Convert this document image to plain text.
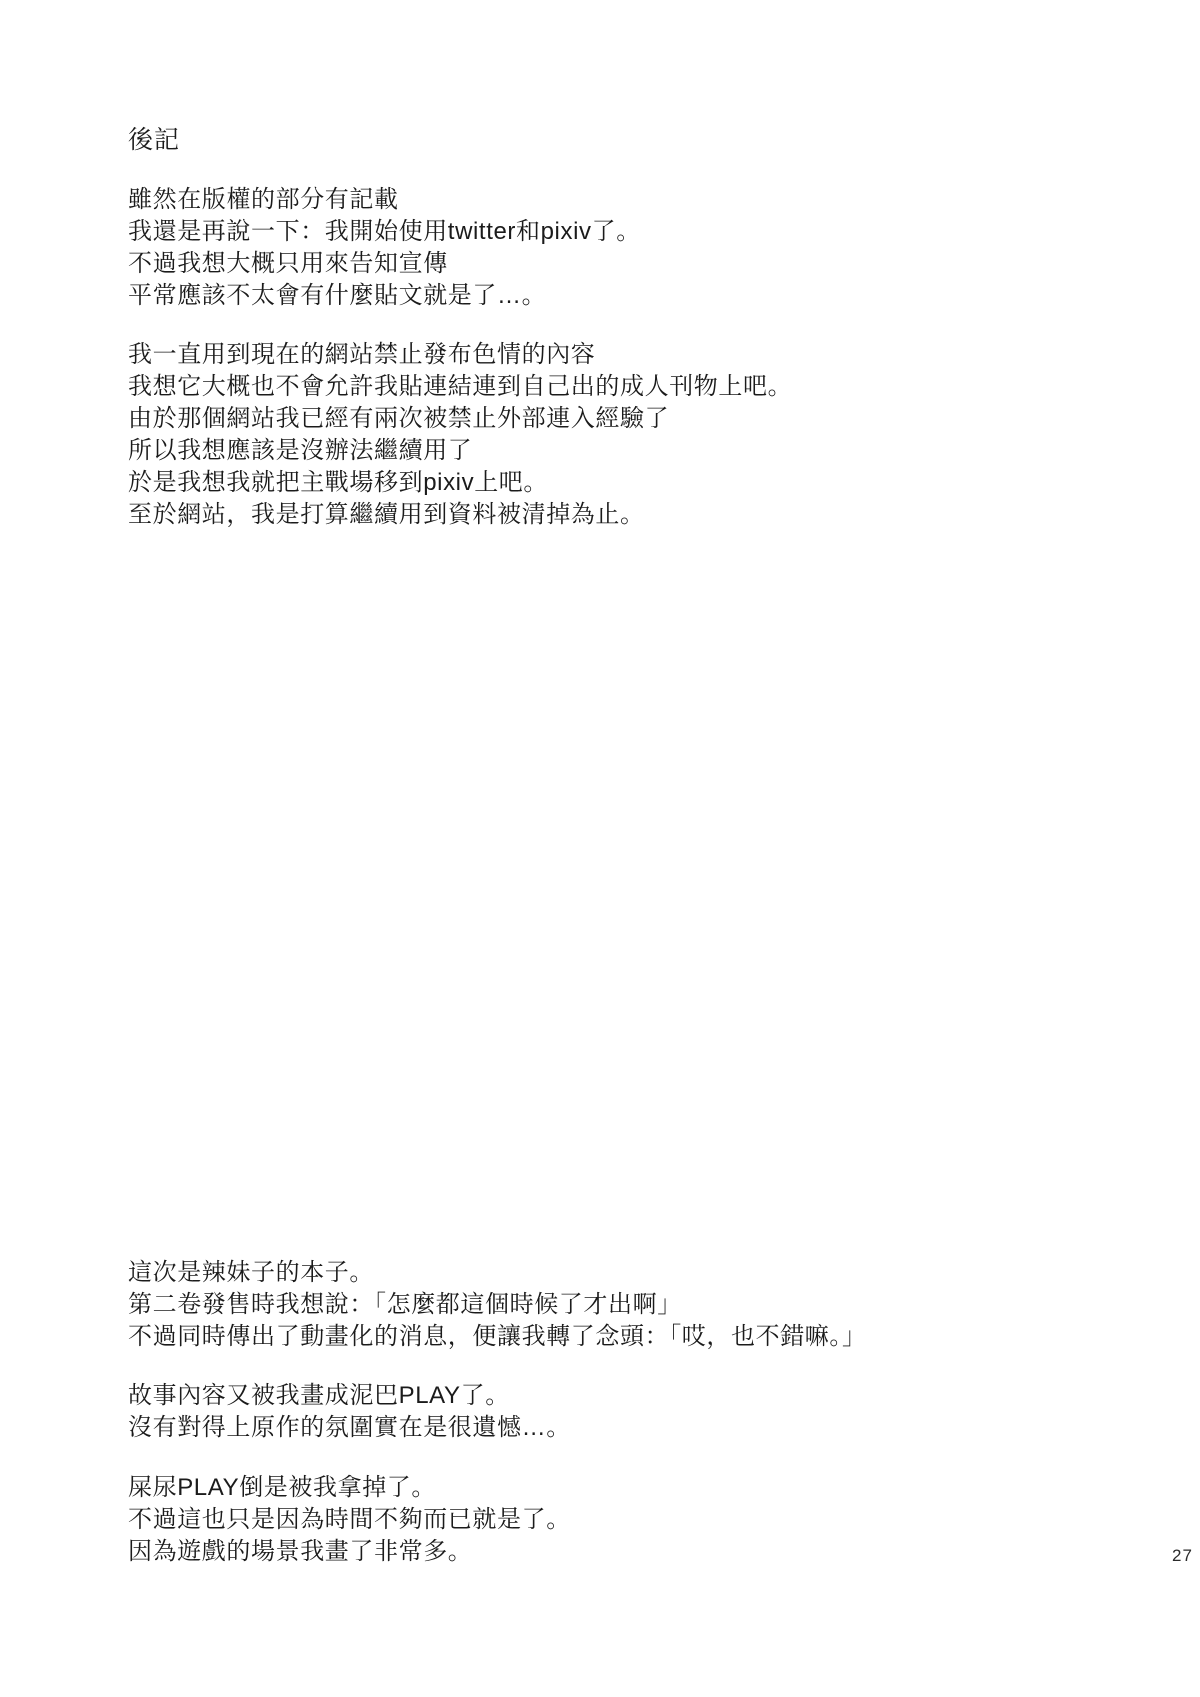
後記
雖然在版權的部分有記載
我還是再說一下：我開始使用twitter和pixiv了。
不過我想大概只用來告知宣傳
平常應該不太會有什麼貼文就是了…。
我一直用到現在的網站禁止發布色情的內容
我想它大概也不會允許我貼連結連到自己出的成人刊物上吧。
由於那個網站我已經有兩次被禁止外部連入經驗了
所以我想應該是沒辦法繼續用了
於是我想我就把主戰場移到pixiv上吧。
至於網站，我是打算繼續用到資料被清掉為止。
這次是辣妹子的本子。
第二卷發售時我想說：「怎麼都這個時候了才出啊」
不過同時傳出了動畫化的消息，便讓我轉了念頭：「哎，也不錯嘛。」
故事內容又被我畫成泥巴PLAY了。
沒有對得上原作的氛圍實在是很遺憾…。
屎尿PLAY倒是被我拿掉了。
不過這也只是因為時間不夠而已就是了。
因為遊戲的場景我畫了非常多。	27
